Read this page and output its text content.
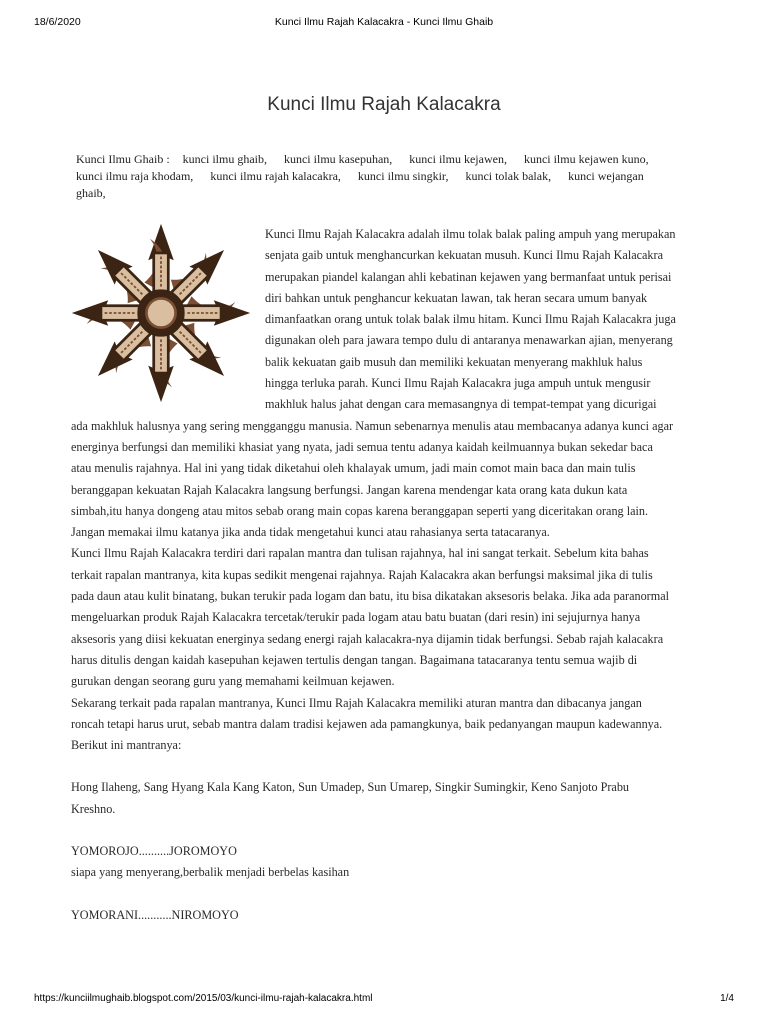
18/6/2020	Kunci Ilmu Rajah Kalacakra - Kunci Ilmu Ghaib
Kunci Ilmu Rajah Kalacakra
Kunci Ilmu Ghaib : kunci ilmu ghaib, kunci ilmu kasepuhan, kunci ilmu kejawen, kunci ilmu kejawen kuno, kunci ilmu raja khodam, kunci ilmu rajah kalacakra, kunci ilmu singkir, kunci tolak balak, kunci wejangan ghaib,

Kunci Ilmu Rajah Kalacakra adalah ilmu tolak balak paling ampuh yang merupakan senjata gaib untuk menghancurkan kekuatan musuh. Kunci Ilmu Rajah Kalacakra merupakan piandel kalangan ahli kebatinan kejawen yang bermanfaat untuk perisai diri bahkan untuk penghancur kekuatan lawan, tak heran secara umum banyak dimanfaatkan orang untuk tolak balak ilmu hitam. Kunci Ilmu Rajah Kalacakra juga digunakan oleh para jawara tempo dulu di antaranya menawarkan ajian, menyerang balik kekuatan gaib musuh dan memiliki kekuatan menyerang makhluk halus hingga terluka parah. Kunci Ilmu Rajah Kalacakra juga ampuh untuk mengusir makhluk halus jahat dengan cara memasangnya di tempat-tempat yang dicurigai ada makhluk halusnya yang sering mengganggu manusia. Namun sebenarnya menulis atau membacanya adanya kunci agar energinya berfungsi dan memiliki khasiat yang nyata, jadi semua tentu adanya kaidah keilmuannya bukan sekedar baca atau menulis rajahnya. Hal ini yang tidak diketahui oleh khalayak umum, jadi main comot main baca dan main tulis beranggapan kekuatan Rajah Kalacakra langsung berfungsi. Jangan karena mendengar kata orang kata dukun kata simbah,itu hanya dongeng atau mitos sebab orang main copas karena beranggapan seperti yang diceritakan orang lain. Jangan memakai ilmu katanya jika anda tidak mengetahui kunci atau rahasianya serta tatacaranya.

Kunci Ilmu Rajah Kalacakra terdiri dari rapalan mantra dan tulisan rajahnya, hal ini sangat terkait. Sebelum kita bahas terkait rapalan mantranya, kita kupas sedikit mengenai rajahnya. Rajah Kalacakra akan berfungsi maksimal jika di tulis pada daun atau kulit binatang, bukan terukir pada logam dan batu, itu bisa dikatakan aksesoris belaka. Jika ada paranormal mengeluarkan produk Rajah Kalacakra tercetak/terukir pada logam atau batu buatan (dari resin) ini sejujurnya hanya aksesoris yang diisi kekuatan energinya sedang energi rajah kalacakra-nya dijamin tidak berfungsi. Sebab rajah kalacakra harus ditulis dengan kaidah kasepuhan kejawen tertulis dengan tangan. Bagaimana tatacaranya tentu semua wajib di gurukan dengan seorang guru yang memahami keilmuan kejawen.

Sekarang terkait pada rapalan mantranya, Kunci Ilmu Rajah Kalacakra memiliki aturan mantra dan dibacanya jangan roncah tetapi harus urut, sebab mantra dalam tradisi kejawen ada pamangkunya, baik pedanyangan maupun kadewannya. Berikut ini mantranya:

Hong Ilaheng, Sang Hyang Kala Kang Katon, Sun Umadep, Sun Umarep, Singkir Sumingkir, Keno Sanjoto Prabu Kreshno.

YOMOROJO..........JOROMOYO

siapa yang menyerang,berbalik menjadi berbelas kasihan

YOMORANI...........NIROMOYO

https://kunciilmughaib.blogspot.com/2015/03/kunci-ilmu-rajah-kalacakra.html	1/4
